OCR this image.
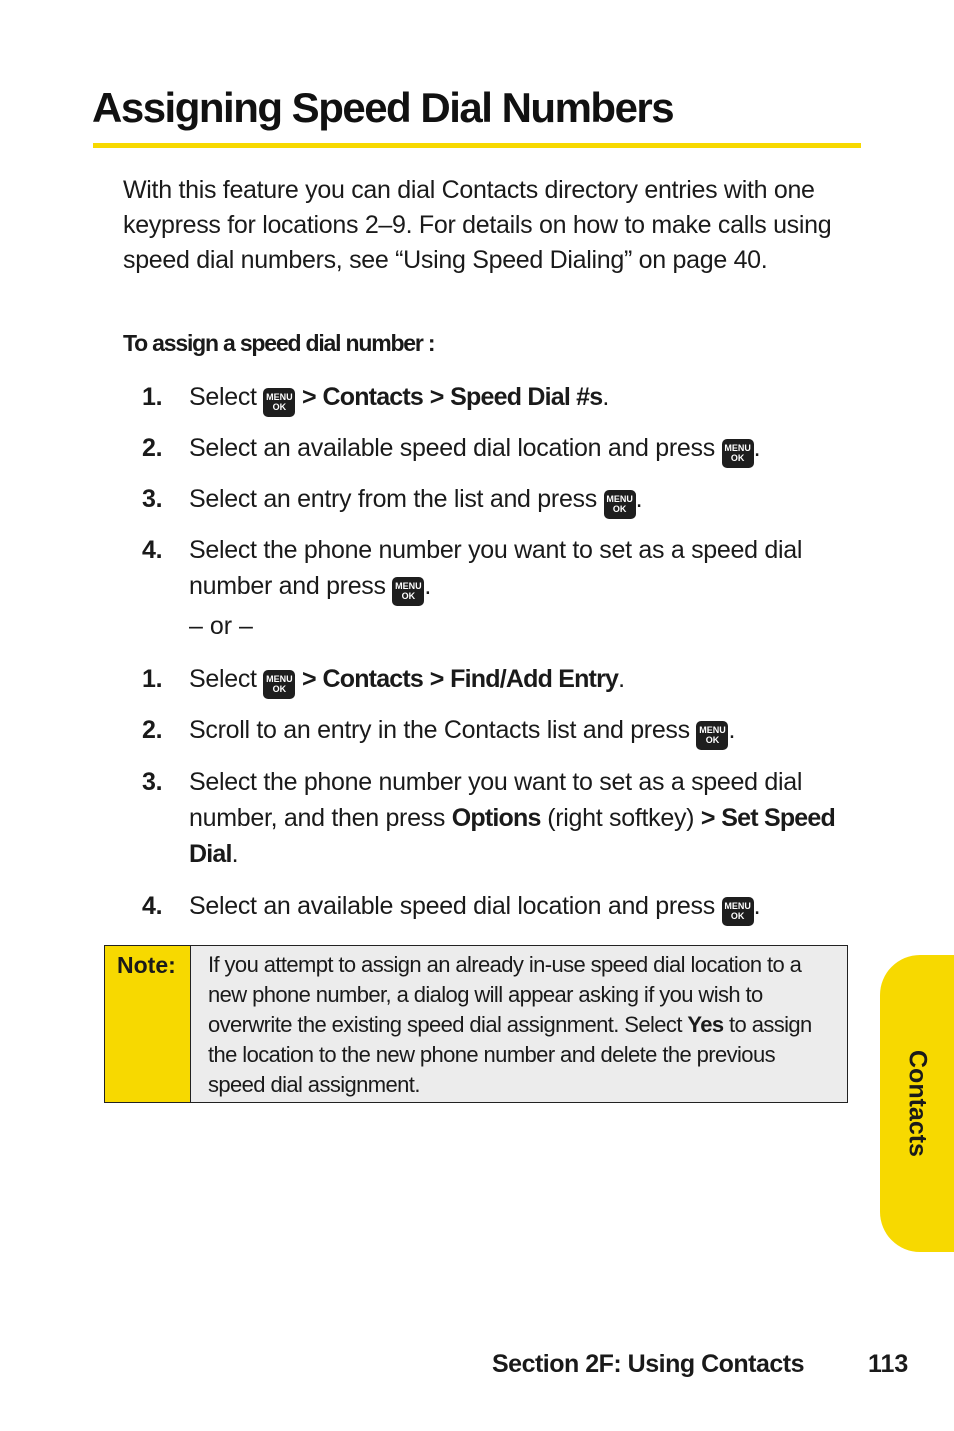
Assigning Speed Dial Numbers

With this feature you can dial Contacts directory entries with one keypress for locations 2–9. For details on how to make calls using speed dial numbers, see “Using Speed Dialing” on page 40.

To assign a speed dial number :

1. Select MENU
OK > Contacts > Speed Dial #s.
2. Select an available speed dial location and press MENU
OK .
3. Select an entry from the list and press MENU
OK .
4. Select the phone number you want to set as a speed dial number and press MENU
OK .
– or –
1. Select MENU
OK > Contacts > Find/Add Entry.
2. Scroll to an entry in the Contacts list and press MENU
OK .
3. Select the phone number you want to set as a speed dial number, and then press Options (right softkey) > Set Speed Dial.
4. Select an available speed dial location and press MENU
OK .
Note:	If you attempt to assign an already in-use speed dial location to a new phone number, a dialog will appear asking if you wish to overwrite the existing speed dial assignment. Select Yes to assign the location to the new phone number and delete the previous speed dial assignment.	Contacts
Section 2F: Using Contacts	113
